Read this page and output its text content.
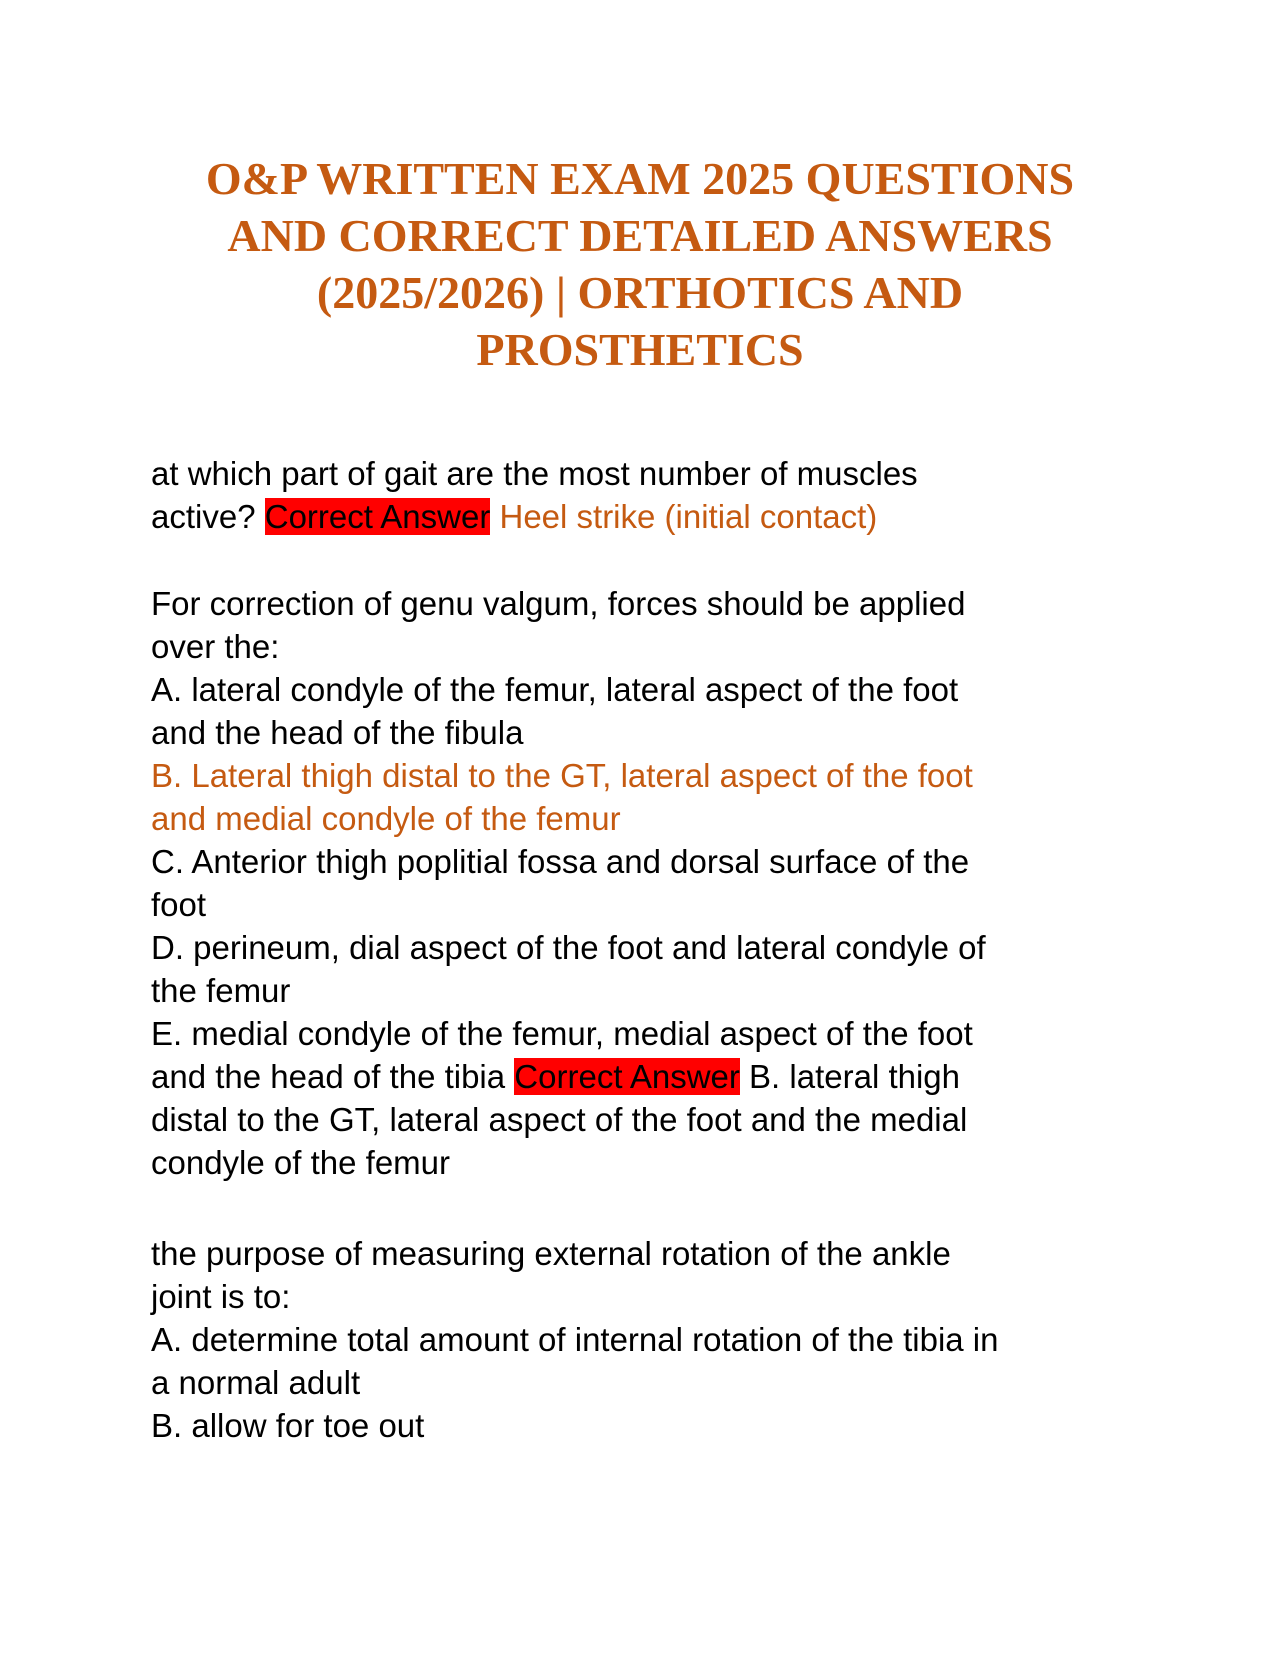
O&P WRITTEN EXAM 2025 QUESTIONS
AND CORRECT DETAILED ANSWERS
(2025/2026) | ORTHOTICS AND
PROSTHETICS
at which part of gait are the most number of muscles
active? Correct Answer Heel strike (initial contact)
For correction of genu valgum, forces should be applied
over the:
A. lateral condyle of the femur, lateral aspect of the foot
and the head of the fibula
B. Lateral thigh distal to the GT, lateral aspect of the foot
and medial condyle of the femur
C. Anterior thigh poplitial fossa and dorsal surface of the
foot
D. perineum, dial aspect of the foot and lateral condyle of
the femur
E. medial condyle of the femur, medial aspect of the foot
and the head of the tibia Correct Answer B. lateral thigh
distal to the GT, lateral aspect of the foot and the medial
condyle of the femur
the purpose of measuring external rotation of the ankle
joint is to:
A. determine total amount of internal rotation of the tibia in
a normal adult
B. allow for toe out
